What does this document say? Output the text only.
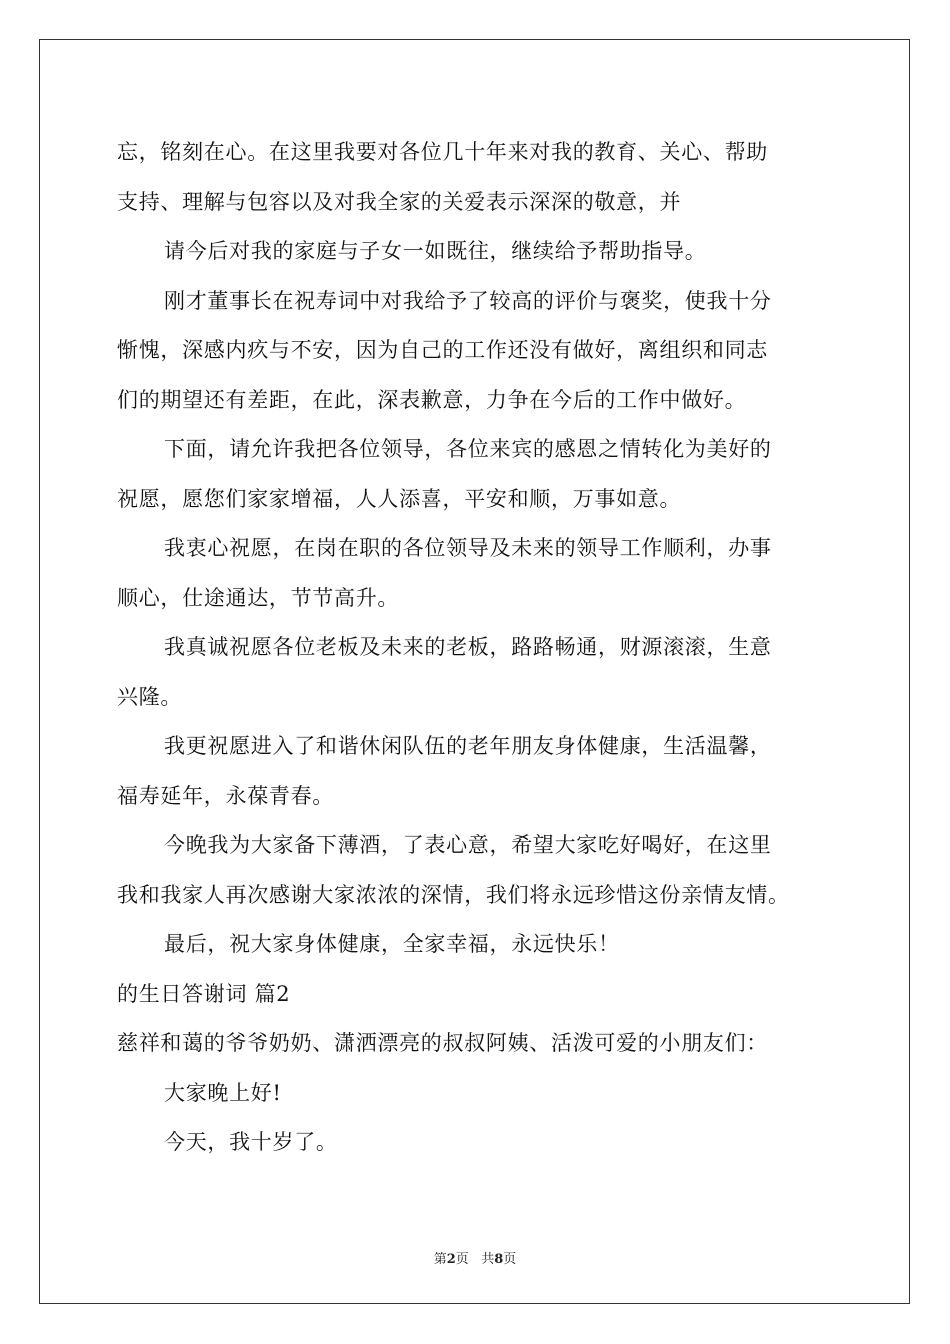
忘，铭刻在心。在这里我要对各位几十年来对我的教育、关心、帮助
支持、理解与包容以及对我全家的关爱表示深深的敬意，并
请今后对我的家庭与子女一如既往，继续给予帮助指导。
刚才董事长在祝寿词中对我给予了较高的评价与褒奖，使我十分
惭愧，深感内疚与不安，因为自己的工作还没有做好，离组织和同志
们的期望还有差距，在此，深表歉意，力争在今后的工作中做好。
下面，请允许我把各位领导，各位来宾的感恩之情转化为美好的
祝愿，愿您们家家增福，人人添喜，平安和顺，万事如意。
我衷心祝愿，在岗在职的各位领导及未来的领导工作顺利，办事
顺心，仕途通达，节节高升。
我真诚祝愿各位老板及未来的老板，路路畅通，财源滚滚，生意
兴隆。
我更祝愿进入了和谐休闲队伍的老年朋友身体健康，生活温馨，
福寿延年，永葆青春。
今晚我为大家备下薄酒，了表心意，希望大家吃好喝好，在这里
我和我家人再次感谢大家浓浓的深情，我们将永远珍惜这份亲情友情。
最后，祝大家身体健康，全家幸福，永远快乐！
的生日答谢词 篇2
慈祥和蔼的爷爷奶奶、潇洒漂亮的叔叔阿姨、活泼可爱的小朋友们：
大家晚上好!
今天，我十岁了。
第2页 共8页
